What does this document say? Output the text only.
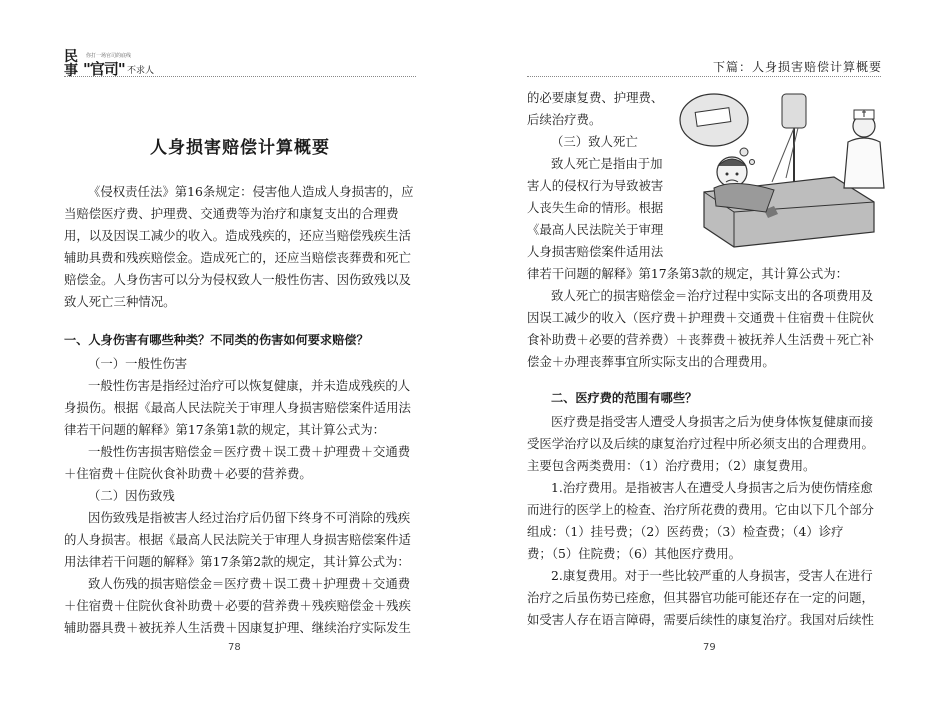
民事
你打一场官司的底线
"官司" 不求人
人身损害赔偿计算概要
《侵权责任法》第16条规定：侵害他人造成人身损害的，应
当赔偿医疗费、护理费、交通费等为治疗和康复支出的合理费
用，以及因误工减少的收入。造成残疾的，还应当赔偿残疾生活
辅助具费和残疾赔偿金。造成死亡的，还应当赔偿丧葬费和死亡
赔偿金。人身伤害可以分为侵权致人一般性伤害、因伤致残以及
致人死亡三种情况。
一、人身伤害有哪些种类？不同类的伤害如何要求赔偿？
（一）一般性伤害
一般性伤害是指经过治疗可以恢复健康，并未造成残疾的人
身损伤。根据《最高人民法院关于审理人身损害赔偿案件适用法
律若干问题的解释》第17条第1款的规定，其计算公式为：
一般性伤害损害赔偿金＝医疗费＋误工费＋护理费＋交通费
＋住宿费＋住院伙食补助费＋必要的营养费。
（二）因伤致残
因伤致残是指被害人经过治疗后仍留下终身不可消除的残疾
的人身损害。根据《最高人民法院关于审理人身损害赔偿案件适
用法律若干问题的解释》第17条第2款的规定，其计算公式为：
致人伤残的损害赔偿金＝医疗费＋误工费＋护理费＋交通费
＋住宿费＋住院伙食补助费＋必要的营养费＋残疾赔偿金＋残疾
辅助器具费＋被抚养人生活费＋因康复护理、继续治疗实际发生
78
下篇：人身损害赔偿计算概要
的必要康复费、护理费、
后续治疗费。
（三）致人死亡
致人死亡是指由于加
害人的侵权行为导致被害
人丧失生命的情形。根据
《最高人民法院关于审理
人身损害赔偿案件适用法
律若干问题的解释》第17条第3款的规定，其计算公式为：
致人死亡的损害赔偿金＝治疗过程中实际支出的各项费用及
因误工减少的收入（医疗费＋护理费＋交通费＋住宿费＋住院伙
食补助费＋必要的营养费）＋丧葬费＋被抚养人生活费＋死亡补
偿金＋办理丧葬事宜所实际支出的合理费用。
二、医疗费的范围有哪些？
医疗费是指受害人遭受人身损害之后为使身体恢复健康而接
受医学治疗以及后续的康复治疗过程中所必须支出的合理费用。
主要包含两类费用：（1）治疗费用；（2）康复费用。
1.治疗费用。是指被害人在遭受人身损害之后为使伤情痊愈
而进行的医学上的检查、治疗所花费的费用。它由以下几个部分
组成：（1）挂号费；（2）医药费；（3）检查费；（4）诊疗
费；（5）住院费；（6）其他医疗费用。
2.康复费用。对于一些比较严重的人身损害，受害人在进行
治疗之后虽伤势已痊愈，但其器官功能可能还存在一定的问题，
如受害人存在语言障碍，需要后续性的康复治疗。我国对后续性
79
